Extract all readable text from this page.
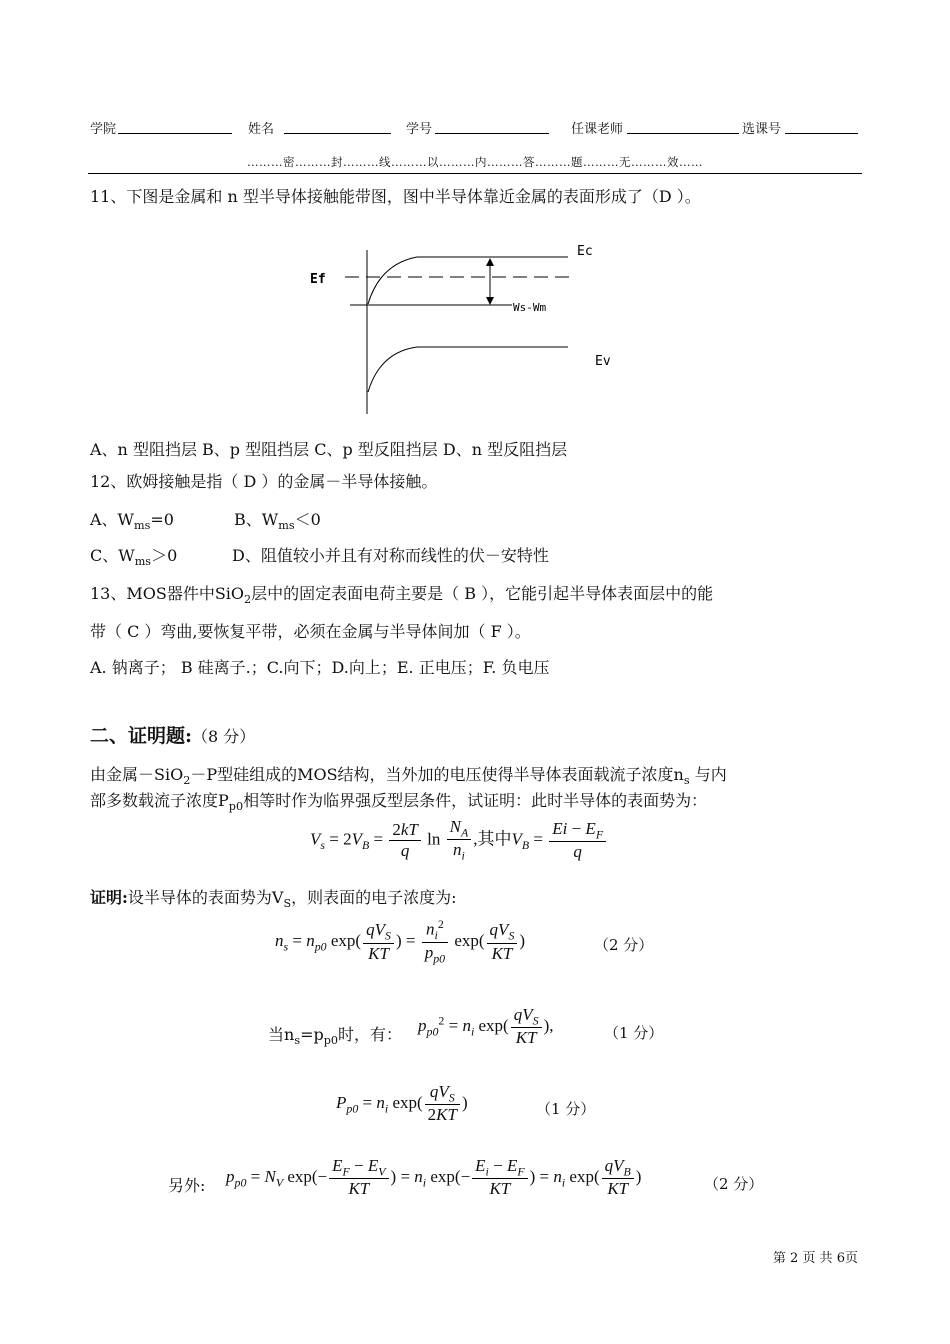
学院	姓名	学号	任课老师	选课号
………密………封………线………以………内………答………题………无………效……
11、下图是金属和 n 型半导体接触能带图，图中半导体靠近金属的表面形成了（D ）。
Ec
Ef
Ws-Wm
Ev
A、n 型阻挡层 B、p 型阻挡层 C、p 型反阻挡层 D、n 型反阻挡层
12、欧姆接触是指（ D ）的金属－半导体接触。
A、$W_{ms}=0$	B、$W_{ms}<0$
C、$W_{ms}>0$	D、阻值较小并且有对称而线性的伏－安特性
13、MOS器件中SiO$_2$层中的固定表面电荷主要是（ B ），它能引起半导体表面层中的能
带（ C ）弯曲,要恢复平带，必须在金属与半导体间加（ F ）。
A. 钠离子； B 硅离子.；C.向下；D.向上；E. 正电压；F. 负电压
二、证明题:（8 分）
由金属－SiO$_2$－P型硅组成的MOS结构，当外加的电压使得半导体表面载流子浓度$n_s$ 与内
部多数载流子浓度$P_{p0}$相等时作为临界强反型层条件，试证明：此时半导体的表面势为：
$V_s = 2V_B = \frac{2kT}{q}$ $\ln \frac{N_A}{n_i}$ ,其中$V_B = \frac{Ei - E_F}{q}$
证明:设半导体的表面势为$V_S$，则表面的电子浓度为:
$n_s = n_{p0}$ $\exp( \frac{qV_S}{KT}$ ) = $\frac{n_i^2}{p_{p0}} \exp( \frac{qV_S}{KT}$ )	（2 分）
当$n_s=p_{p0}$时，有： $p_{p0}^2 = n_i$ $\exp( \frac{qV_S}{KT}$ ),	（1 分）
$P_{p0} = n_i$ $\exp( \frac{qV_S}{2KT}$ )	（1 分）
另外: $p_{p0} = N_V$ $\exp(- \frac{E_F - E_V}{KT}$ ) = $n_i$ $\exp(- \frac{E_i - E_F}{KT}$ ) = $n_i$ $\exp( \frac{qV_B}{KT}$ )	（2 分）
第 2 页 共 6页
